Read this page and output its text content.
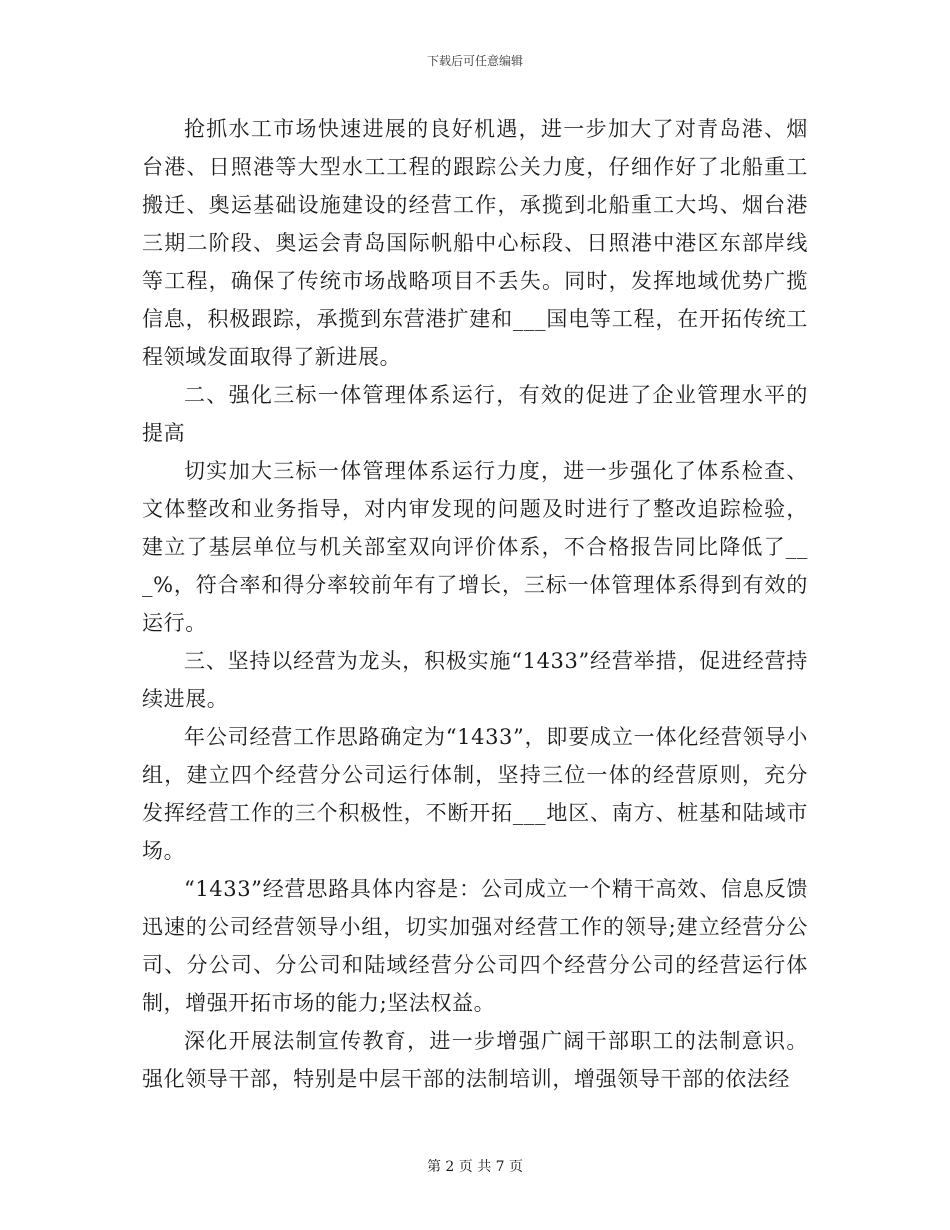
下载后可任意编辑

抢抓水工市场快速进展的良好机遇，进一步加大了对青岛港、烟台港、日照港等大型水工工程的跟踪公关力度，仔细作好了北船重工搬迁、奥运基础设施建设的经营工作，承揽到北船重工大坞、烟台港三期二阶段、奥运会青岛国际帆船中心标段、日照港中港区东部岸线等工程，确保了传统市场战略项目不丢失。同时，发挥地域优势广揽信息，积极跟踪，承揽到东营港扩建和___国电等工程，在开拓传统工程领域发面取得了新进展。

二、强化三标一体管理体系运行，有效的促进了企业管理水平的提高

切实加大三标一体管理体系运行力度，进一步强化了体系检查、文体整改和业务指导，对内审发现的问题及时进行了整改追踪检验，建立了基层单位与机关部室双向评价体系，不合格报告同比降低了___%，符合率和得分率较前年有了增长，三标一体管理体系得到有效的运行。

三、坚持以经营为龙头，积极实施“1433”经营举措，促进经营持续进展。

年公司经营工作思路确定为“1433”，即要成立一体化经营领导小组，建立四个经营分公司运行体制，坚持三位一体的经营原则，充分发挥经营工作的三个积极性，不断开拓___地区、南方、桩基和陆域市场。

“1433”经营思路具体内容是：公司成立一个精干高效、信息反馈迅速的公司经营领导小组，切实加强对经营工作的领导;建立经营分公司、分公司、分公司和陆域经营分公司四个经营分公司的经营运行体制，增强开拓市场的能力;坚法权益。

深化开展法制宣传教育，进一步增强广阔干部职工的法制意识。强化领导干部，特别是中层干部的法制培训，增强领导干部的依法经

第 2 页 共 7 页
